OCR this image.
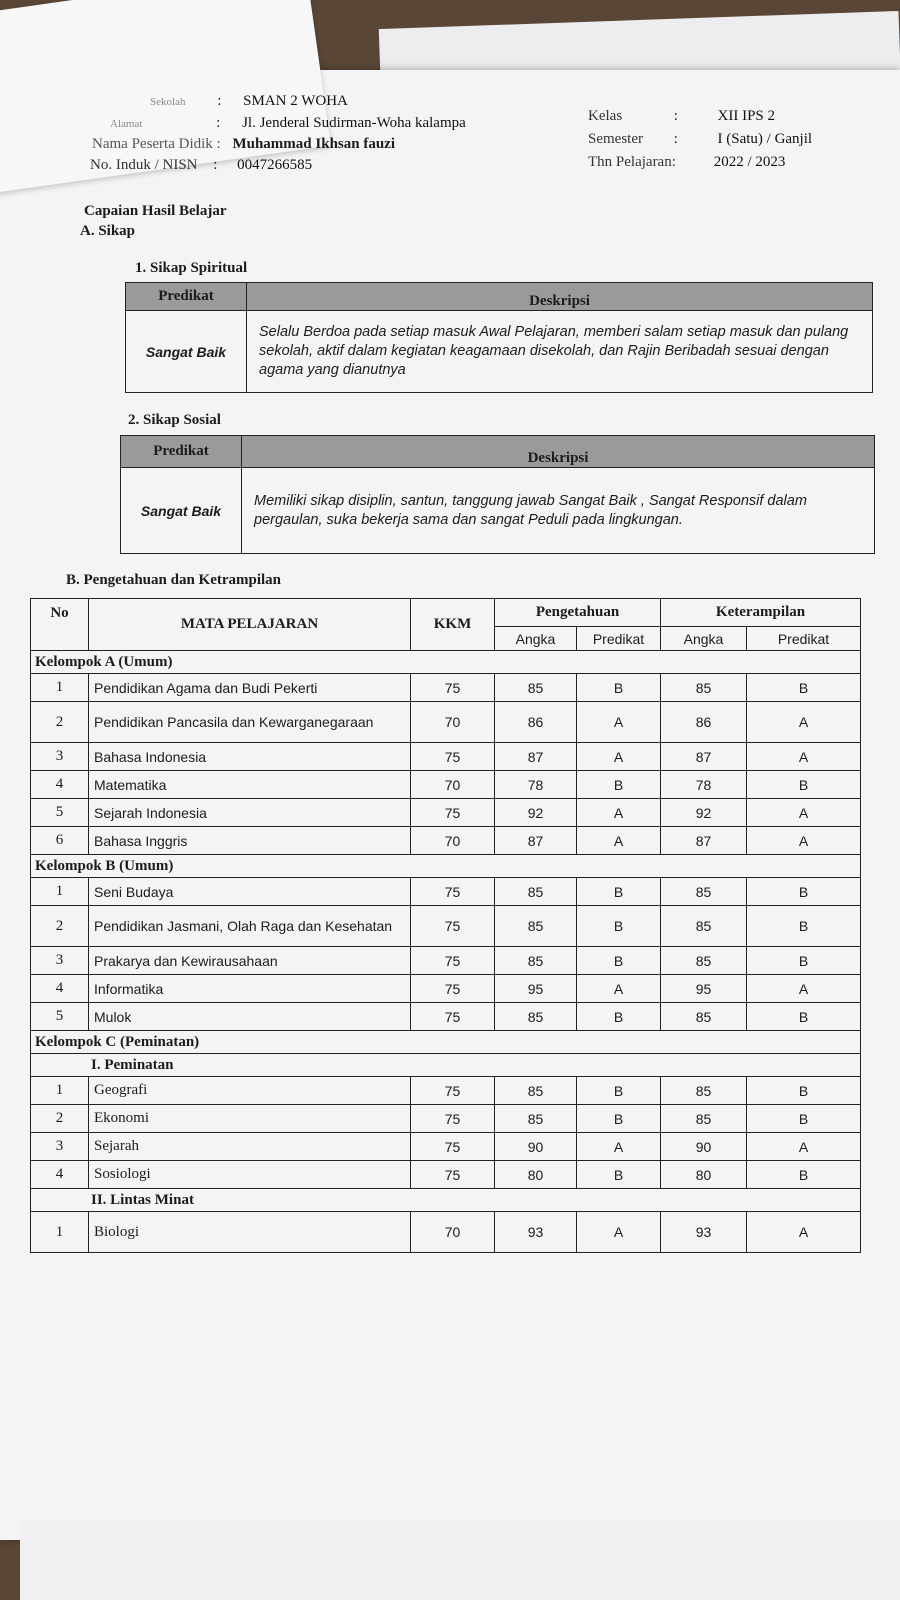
Sekolah : SMAN 2 WOHA
Alamat	: Jl. Jenderal Sudirman-Woha kalampa
Nama Peserta Didik : Muhammad Ikhsan fauzi
No. Induk / NISN : 0047266585
Kelas	:	XII IPS 2
Semester :	I (Satu) / Ganjil
Thn Pelajaran:	2022 / 2023
Capaian Hasil Belajar
A. Sikap
1. Sikap Spiritual
Predikat	Deskripsi
Sangat Baik	Selalu Berdoa pada setiap masuk Awal Pelajaran, memberi salam setiap masuk dan pulang sekolah, aktif dalam kegiatan keagamaan disekolah, dan Rajin Beribadah sesuai dengan agama yang dianutnya
2. Sikap Sosial
Predikat	Deskripsi
Sangat Baik	Memiliki sikap disiplin, santun, tanggung jawab Sangat Baik , Sangat Responsif dalam pergaulan, suka bekerja sama dan sangat Peduli pada lingkungan.
B. Pengetahuan dan Ketrampilan
No	MATA PELAJARAN	KKM	Pengetahuan		Keterampilan	
			Angka	Predikat	Angka	Predikat
Kelompok A (Umum)						
1	Pendidikan Agama dan Budi Pekerti	75	85	B	85	B
2	Pendidikan Pancasila dan Kewarganegaraan	70	86	A	86	A
3	Bahasa Indonesia	75	87	A	87	A
4	Matematika	70	78	B	78	B
5	Sejarah Indonesia	75	92	A	92	A
6	Bahasa Inggris	70	87	A	87	A
Kelompok B (Umum)						
1	Seni Budaya	75	85	B	85	B
2	Pendidikan Jasmani, Olah Raga dan Kesehatan	75	85	B	85	B
3	Prakarya dan Kewirausahaan	75	85	B	85	B
4	Informatika	75	95	A	95	A
5	Mulok	75	85	B	85	B
Kelompok C (Peminatan)						
I. Peminatan						
1	Geografi	75	85	B	85	B
2	Ekonomi	75	85	B	85	B
3	Sejarah	75	90	A	90	A
4	Sosiologi	75	80	B	80	B
II. Lintas Minat						
1	Biologi	70	93	A	93	A
